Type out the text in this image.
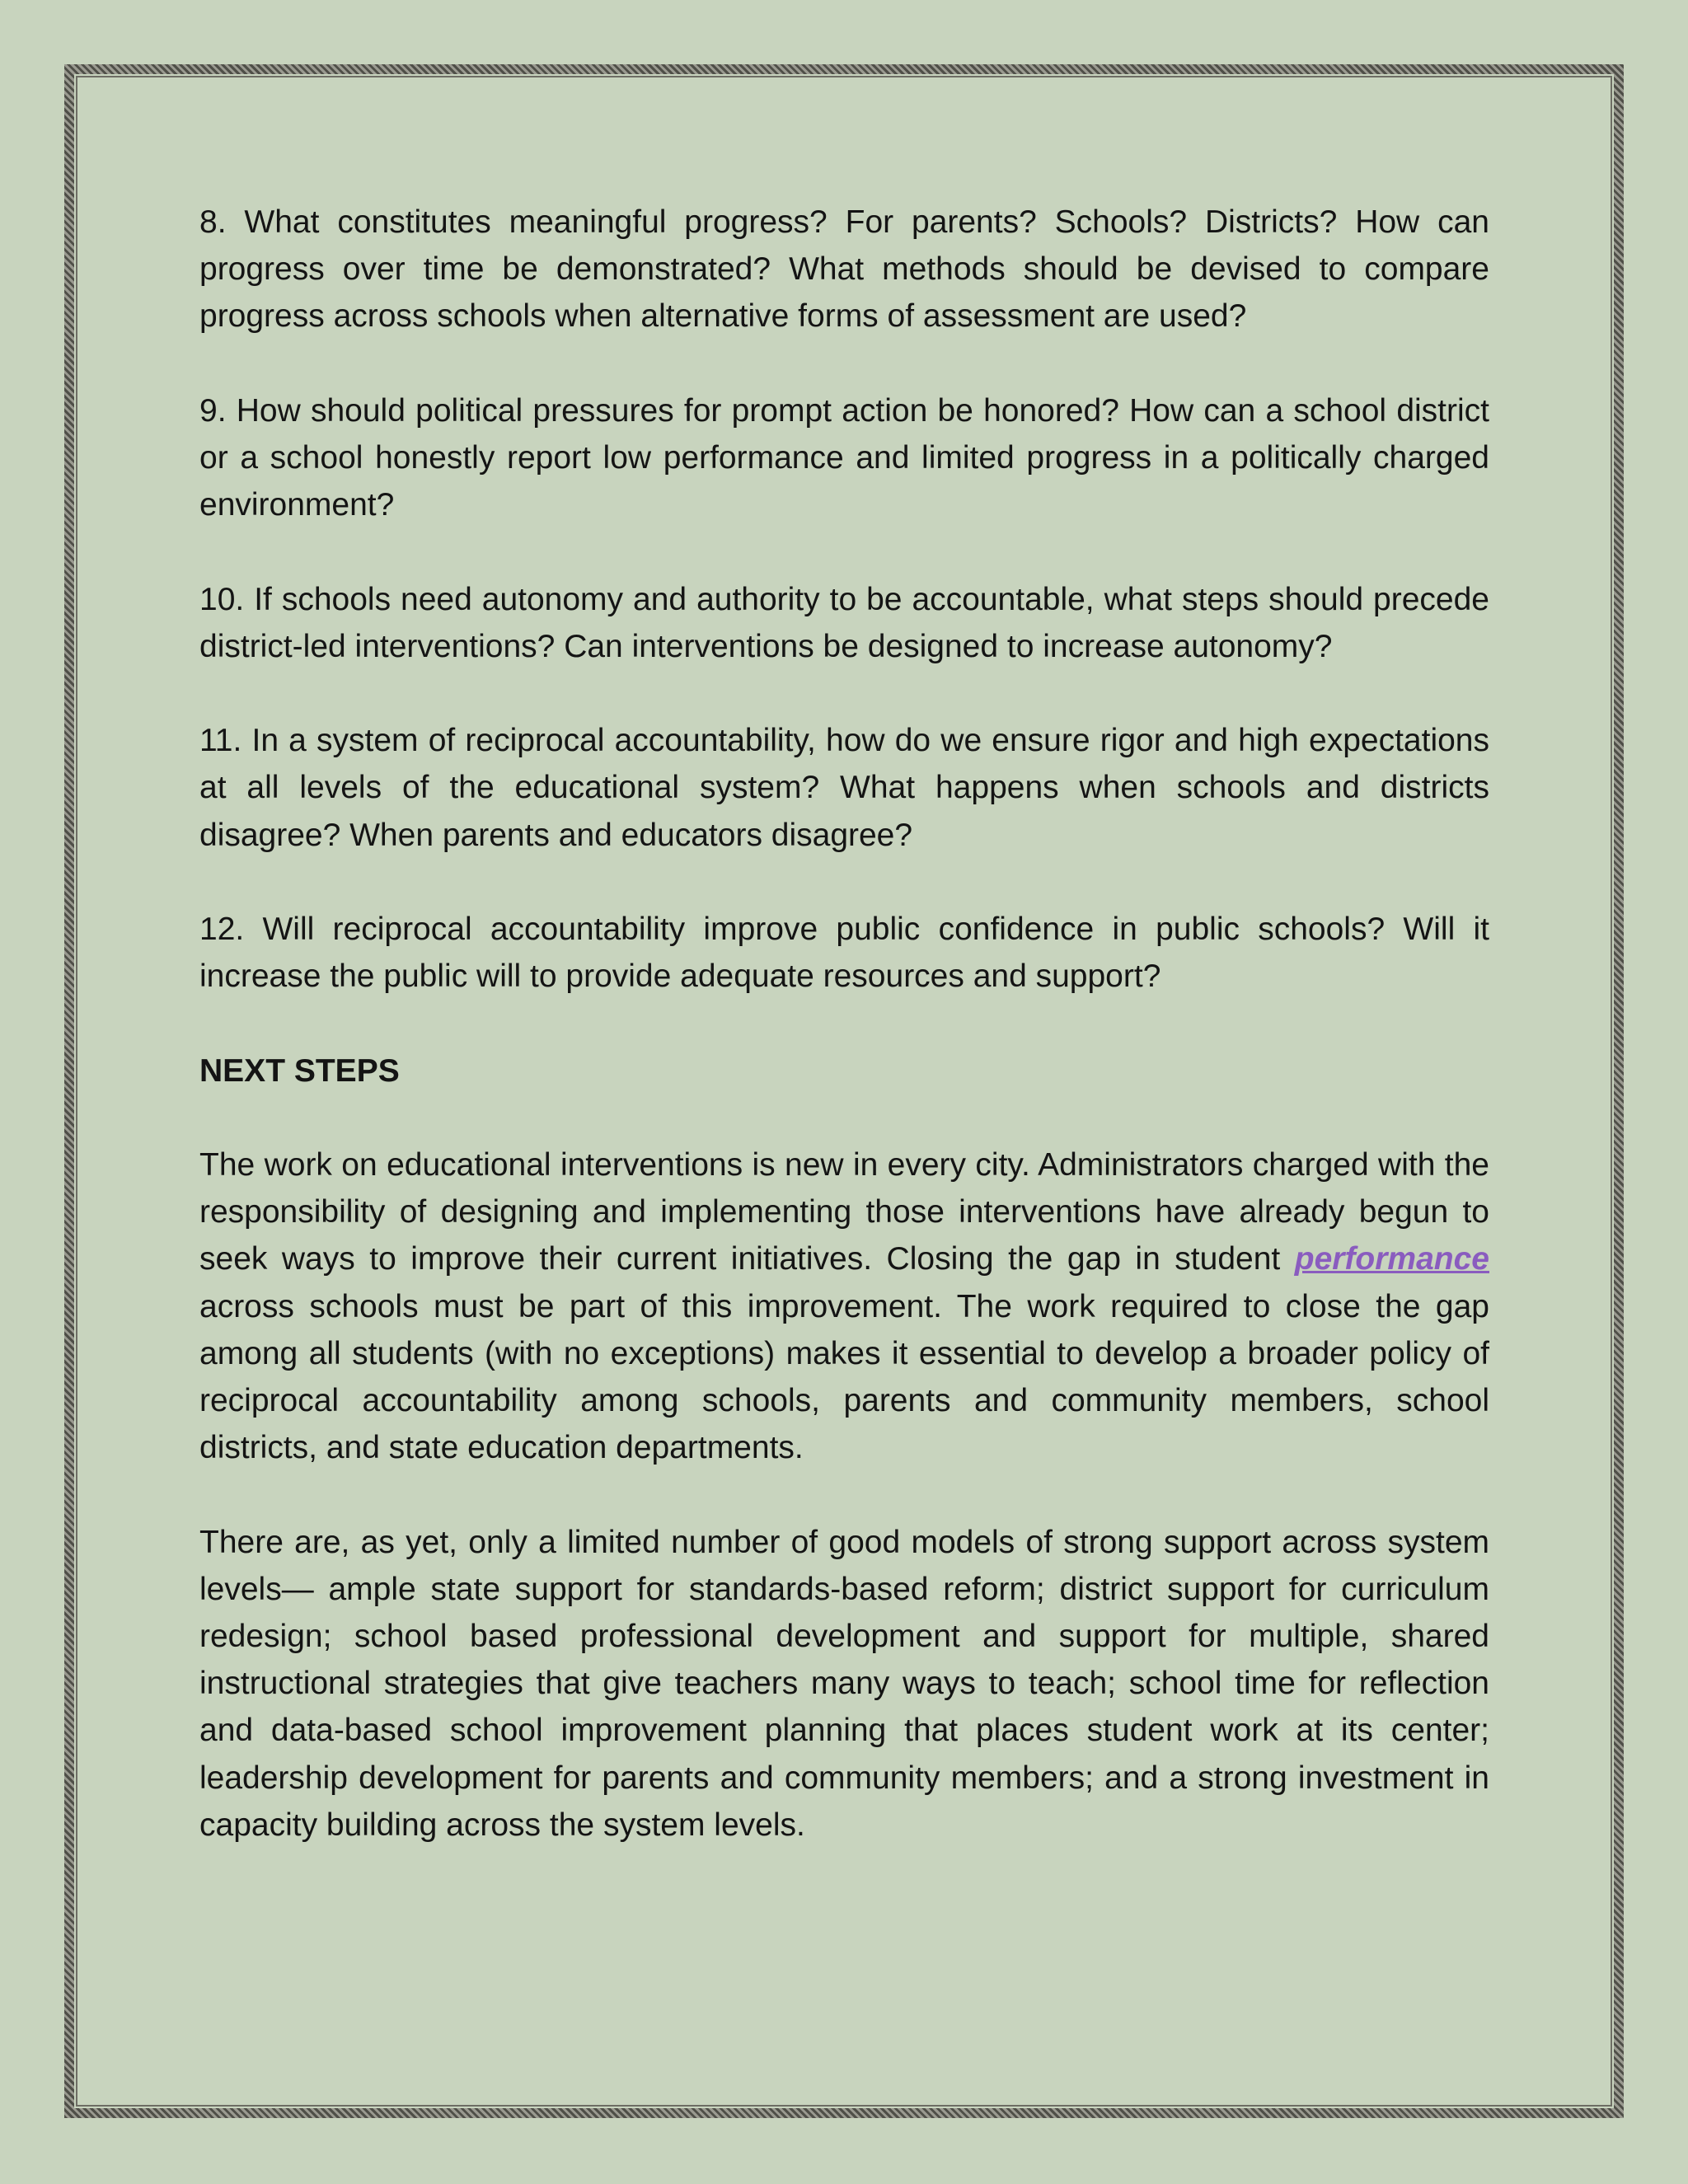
8. What constitutes meaningful progress? For parents? Schools? Districts? How can progress over time be demonstrated? What methods should be devised to compare progress across schools when alternative forms of assessment are used?

9. How should political pressures for prompt action be honored? How can a school district or a school honestly report low performance and limited progress in a politically charged environment?

10. If schools need autonomy and authority to be accountable, what steps should precede district-led interventions? Can interventions be designed to increase autonomy?

11. In a system of reciprocal accountability, how do we ensure rigor and high expectations at all levels of the educational system? What happens when schools and districts disagree? When parents and educators disagree?

12. Will reciprocal accountability improve public confidence in public schools? Will it increase the public will to provide adequate resources and support?

NEXT STEPS

The work on educational interventions is new in every city. Administrators charged with the responsibility of designing and implementing those interventions have already begun to seek ways to improve their current initiatives. Closing the gap in student performance across schools must be part of this improvement. The work required to close the gap among all students (with no exceptions) makes it essential to develop a broader policy of reciprocal accountability among schools, parents and community members, school districts, and state education departments.

There are, as yet, only a limited number of good models of strong support across system levels— ample state support for standards-based reform; district support for curriculum redesign; school based professional development and support for multiple, shared instructional strategies that give teachers many ways to teach; school time for reflection and data-based school improvement planning that places student work at its center; leadership development for parents and community members; and a strong investment in capacity building across the system levels.
